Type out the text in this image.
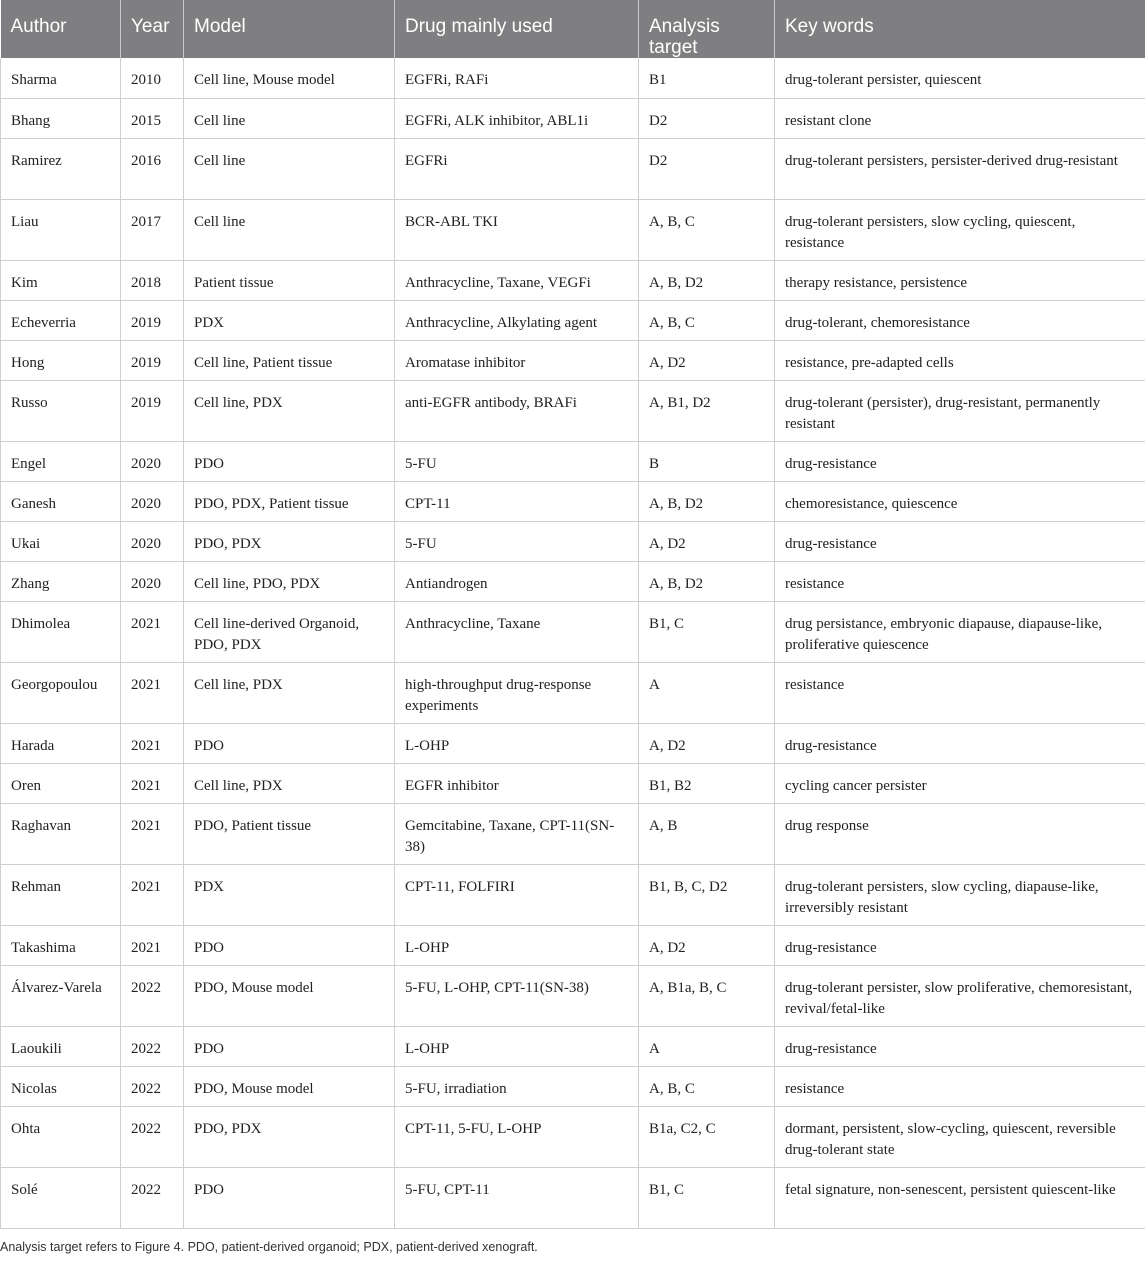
Author	Year	Model	Drug mainly used	Analysis target	Key words
Sharma	2010	Cell line, Mouse model	EGFRi, RAFi	B1	drug-tolerant persister, quiescent
Bhang	2015	Cell line	EGFRi, ALK inhibitor, ABL1i	D2	resistant clone
Ramirez	2016	Cell line	EGFRi	D2	drug-tolerant persisters, persister-derived drug-resistant
Liau	2017	Cell line	BCR-ABL TKI	A, B, C	drug-tolerant persisters, slow cycling, quiescent, resistance
Kim	2018	Patient tissue	Anthracycline, Taxane, VEGFi	A, B, D2	therapy resistance, persistence
Echeverria	2019	PDX	Anthracycline, Alkylating agent	A, B, C	drug-tolerant, chemoresistance
Hong	2019	Cell line, Patient tissue	Aromatase inhibitor	A, D2	resistance, pre-adapted cells
Russo	2019	Cell line, PDX	anti-EGFR antibody, BRAFi	A, B1, D2	drug-tolerant (persister), drug-resistant, permanently resistant
Engel	2020	PDO	5-FU	B	drug-resistance
Ganesh	2020	PDO, PDX, Patient tissue	CPT-11	A, B, D2	chemoresistance, quiescence
Ukai	2020	PDO, PDX	5-FU	A, D2	drug-resistance
Zhang	2020	Cell line, PDO, PDX	Antiandrogen	A, B, D2	resistance
Dhimolea	2021	Cell line-derived Organoid, PDO, PDX	Anthracycline, Taxane	B1, C	drug persistance, embryonic diapause, diapause-like, proliferative quiescence
Georgopoulou	2021	Cell line, PDX	high-throughput drug-response experiments	A	resistance
Harada	2021	PDO	L-OHP	A, D2	drug-resistance
Oren	2021	Cell line, PDX	EGFR inhibitor	B1, B2	cycling cancer persister
Raghavan	2021	PDO, Patient tissue	Gemcitabine, Taxane, CPT-11(SN-38)	A, B	drug response
Rehman	2021	PDX	CPT-11, FOLFIRI	B1, B, C, D2	drug-tolerant persisters, slow cycling, diapause-like, irreversibly resistant
Takashima	2021	PDO	L-OHP	A, D2	drug-resistance
Álvarez-Varela	2022	PDO, Mouse model	5-FU, L-OHP, CPT-11(SN-38)	A, B1a, B, C	drug-tolerant persister, slow proliferative, chemoresistant, revival/fetal-like
Laoukili	2022	PDO	L-OHP	A	drug-resistance
Nicolas	2022	PDO, Mouse model	5-FU, irradiation	A, B, C	resistance
Ohta	2022	PDO, PDX	CPT-11, 5-FU, L-OHP	B1a, C2, C	dormant, persistent, slow-cycling, quiescent, reversible drug-tolerant state
Solé	2022	PDO	5-FU, CPT-11	B1, C	fetal signature, non-senescent, persistent quiescent-like
Analysis target refers to Figure 4. PDO, patient-derived organoid; PDX, patient-derived xenograft.
